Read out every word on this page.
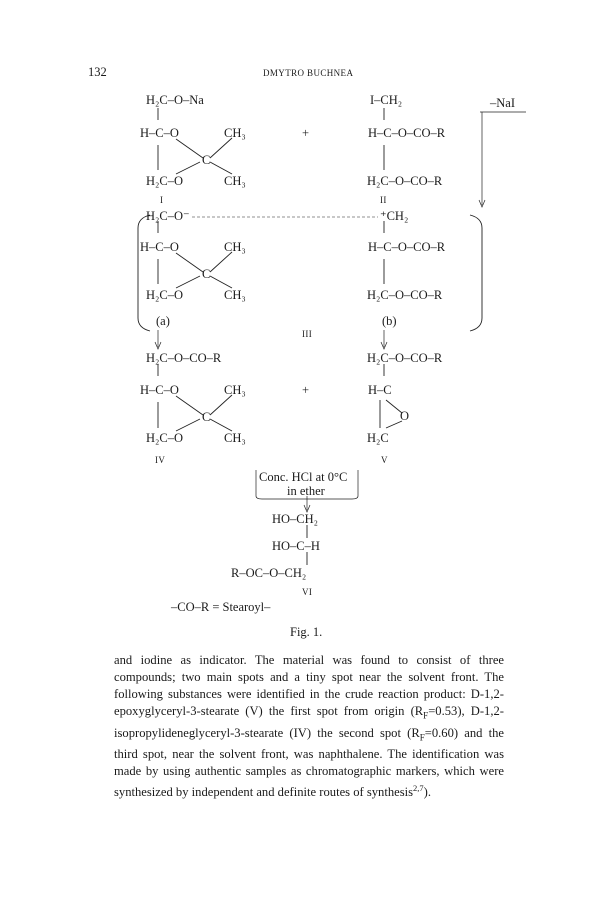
132	DMYTRO BUCHNEA
H₂C–O–Na
H–C–O	CH₃
C
H₂C–O	CH₃
I
+
I–CH₂
H–C–O–CO–R
H₂C–O–CO–R
II
–NaI
H₂C–O⁻
H–C–O	CH₃
C
H₂C–O	CH₃
(a)
⁺CH₂
H–C–O–CO–R
H₂C–O–CO–R
(b)
III
H₂C–O–CO–R
H–C–O	CH₃
C
H₂C–O	CH₃
IV
+
H₂C–O–CO–R
H–C
O
H₂C
V
Conc. HCl at 0°C
in ether
HO–CH₂
HO–C–H
R–OC–O–CH₂
VI
–CO–R = Stearoyl–
Fig. 1.

and iodine as indicator. The material was found to consist of three compounds; two main spots and a tiny spot near the solvent front. The following substances were identified in the crude reaction product: D-1,2-epoxyglyceryl-3-stearate (V) the first spot from origin $(R_F=0.53)$, D-1,2-isopropylideneglyceryl-3-stearate (IV) the second spot $(R_F=0.60)$ and the third spot, near the solvent front, was naphthalene. The identification was made by using authentic samples as chromatographic markers, which were synthesized by independent and definite routes of synthesis$^{2,7}$).
